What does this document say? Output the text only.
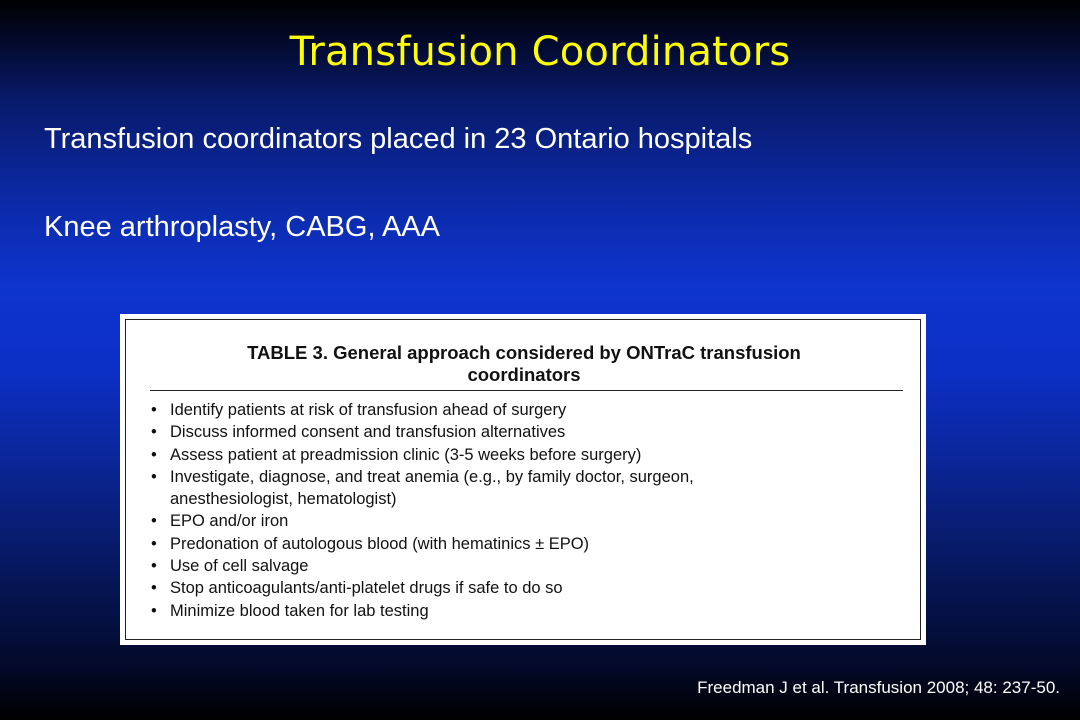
Transfusion Coordinators
Transfusion coordinators placed in 23 Ontario hospitals
Knee arthroplasty, CABG, AAA
TABLE 3. General approach considered by ONTraC transfusion
coordinators
• Identify patients at risk of transfusion ahead of surgery
• Discuss informed consent and transfusion alternatives
• Assess patient at preadmission clinic (3-5 weeks before surgery)
• Investigate, diagnose, and treat anemia (e.g., by family doctor, surgeon,
anesthesiologist, hematologist)
• EPO and/or iron
• Predonation of autologous blood (with hematinics ± EPO)
• Use of cell salvage
• Stop anticoagulants/anti-platelet drugs if safe to do so
• Minimize blood taken for lab testing
Freedman J et al. Transfusion 2008; 48: 237-50.
